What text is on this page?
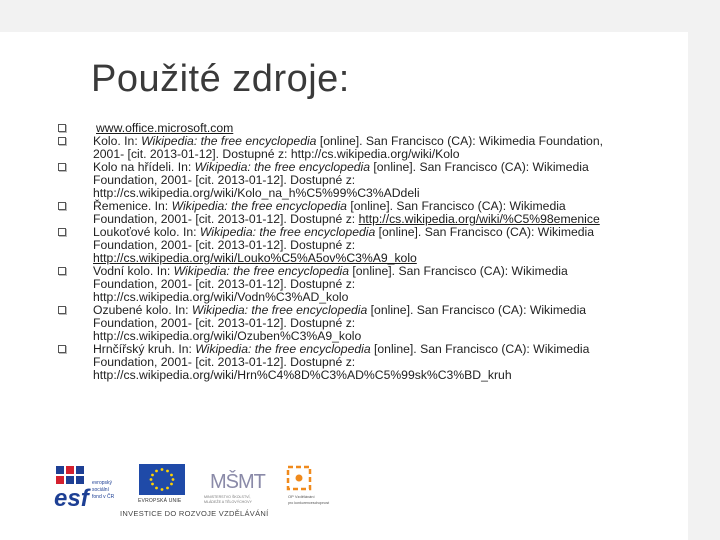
Použité zdroje:
www.office.microsoft.com
Kolo. In: Wikipedia: the free encyclopedia [online]. San Francisco (CA): Wikimedia Foundation, 2001- [cit. 2013-01-12]. Dostupné z: http://cs.wikipedia.org/wiki/Kolo
Kolo na hřídeli. In: Wikipedia: the free encyclopedia [online]. San Francisco (CA): Wikimedia Foundation, 2001- [cit. 2013-01-12]. Dostupné z: http://cs.wikipedia.org/wiki/Kolo_na_h%C5%99%C3%ADdeli
Řemenice. In: Wikipedia: the free encyclopedia [online]. San Francisco (CA): Wikimedia Foundation, 2001- [cit. 2013-01-12]. Dostupné z: http://cs.wikipedia.org/wiki/%C5%98emenice
Loukoťové kolo. In: Wikipedia: the free encyclopedia [online]. San Francisco (CA): Wikimedia Foundation, 2001- [cit. 2013-01-12]. Dostupné z: http://cs.wikipedia.org/wiki/Louko%C5%A5ov%C3%A9_kolo
Vodní kolo. In: Wikipedia: the free encyclopedia [online]. San Francisco (CA): Wikimedia Foundation, 2001- [cit. 2013-01-12]. Dostupné z: http://cs.wikipedia.org/wiki/Vodn%C3%AD_kolo
Ozubené kolo. In: Wikipedia: the free encyclopedia [online]. San Francisco (CA): Wikimedia Foundation, 2001- [cit. 2013-01-12]. Dostupné z: http://cs.wikipedia.org/wiki/Ozuben%C3%A9_kolo
Hrnčířský kruh. In: Wikipedia: the free encyclopedia [online]. San Francisco (CA): Wikimedia Foundation, 2001- [cit. 2013-01-12]. Dostupné z: http://cs.wikipedia.org/wiki/Hrn%C4%8D%C3%AD%C5%99sk%C3%BD_kruh
esf
evropský
sociální
fond v ČR
EVROPSKÁ UNIE
MŠMT
MINISTERSTVO ŠKOLSTVÍ,
MLÁDEŽE A TĚLOVÝCHOVY
OP Vzdělávání
pro konkurenceschopnost
INVESTICE DO ROZVOJE VZDĚLÁVÁNÍ
